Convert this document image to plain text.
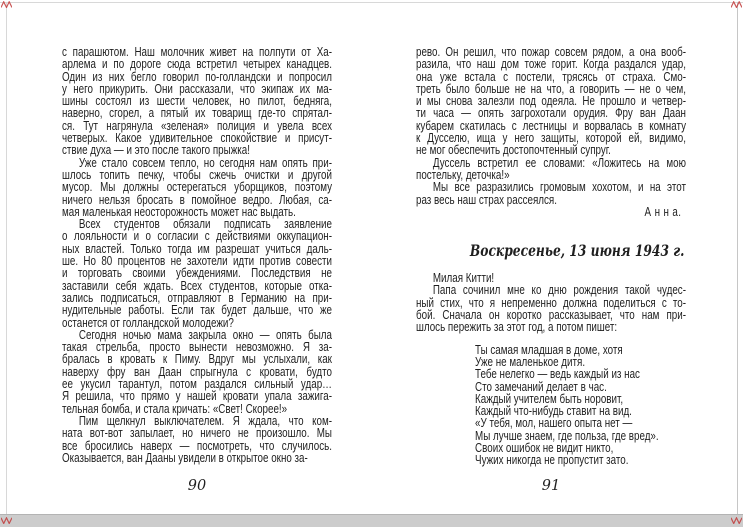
с парашютом. Наш молочник живет на полпути от Ха-
арлема и по дороге сюда встретил четырех канадцев.
Один из них бегло говорил по-голландски и попросил
у него прикурить. Они рассказали, что экипаж их ма-
шины состоял из шести человек, но пилот, бедняга,
наверно, сгорел, а пятый их товарищ где-то спрятал-
ся. Тут нагрянула «зеленая» полиция и увела всех
четверых. Какое удивительное спокойствие и присут-
ствие духа — и это после такого прыжка!
Уже стало совсем тепло, но сегодня нам опять при-
шлось топить печку, чтобы сжечь очистки и другой
мусор. Мы должны остерегаться уборщиков, поэтому
ничего нельзя бросать в помойное ведро. Любая, са-
мая маленькая неосторожность может нас выдать.
Всех студентов обязали подписать заявление
о лояльности и о согласии с действиями оккупацион-
ных властей. Только тогда им разрешат учиться даль-
ше. Но 80 процентов не захотели идти против совести
и торговать своими убеждениями. Последствия не
заставили себя ждать. Всех студентов, которые отка-
зались подписаться, отправляют в Германию на при-
нудительные работы. Если так будет дальше, что же
останется от голландской молодежи?
Сегодня ночью мама закрыла окно — опять была
такая стрельба, просто вынести невозможно. Я за-
бралась в кровать к Пиму. Вдруг мы услыхали, как
наверху фру ван Даан спрыгнула с кровати, будто
ее укусил тарантул, потом раздался сильный удар…
Я решила, что прямо у нашей кровати упала зажига-
тельная бомба, и стала кричать: «Свет! Скорее!»
Пим щелкнул выключателем. Я ждала, что ком-
ната вот-вот запылает, но ничего не произошло. Мы
все бросились наверх — посмотреть, что случилось.
Оказывается, ван Дааны увидели в открытое окно за-
рево. Он решил, что пожар совсем рядом, а она вооб-
разила, что наш дом тоже горит. Когда раздался удар,
она уже встала с постели, трясясь от страха. Смо-
треть было больше не на что, а говорить — не о чем,
и мы снова залезли под одеяла. Не прошло и четвер-
ти часа — опять загрохотали орудия. Фру ван Даан
кубарем скатилась с лестницы и ворвалась в комнату
к Дусселю, ища у него защиты, которой ей, видимо,
не мог обеспечить достопочтенный супруг.
Дуссель встретил ее словами: «Ложитесь на мою
постельку, деточка!»
Мы все разразились громовым хохотом, и на этот
раз весь наш страх рассеялся.
А н н а.
Воскресенье, 13 июня 1943 г.
Милая Китти!
Папа сочинил мне ко дню рождения такой чудес-
ный стих, что я непременно должна поделиться с то-
бой. Сначала он коротко рассказывает, что нам при-
шлось пережить за этот год, а потом пишет:
Ты самая младшая в доме, хотя
Уже не маленькое дитя.
Тебе нелегко — ведь каждый из нас
Сто замечаний делает в час.
Каждый учителем быть норовит,
Каждый что-нибудь ставит на вид.
«У тебя, мол, нашего опыта нет —
Мы лучше знаем, где польза, где вред».
Своих ошибок не видит никто,
Чужих никогда не пропустит зато.
90	91
